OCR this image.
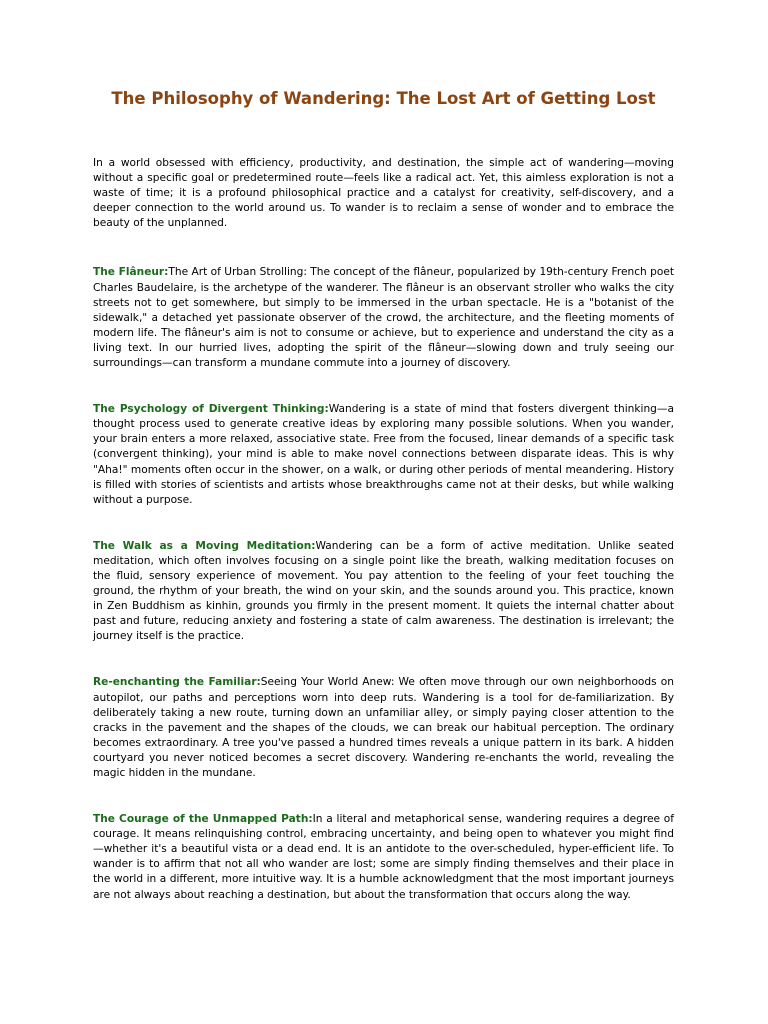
The Philosophy of Wandering: The Lost Art of Getting Lost

In a world obsessed with efficiency, productivity, and destination, the simple act of wandering—moving without a specific goal or predetermined route—feels like a radical act. Yet, this aimless exploration is not a waste of time; it is a profound philosophical practice and a catalyst for creativity, self-discovery, and a deeper connection to the world around us. To wander is to reclaim a sense of wonder and to embrace the beauty of the unplanned.

The Flâneur:The Art of Urban Strolling: The concept of the flâneur, popularized by 19th-century French poet Charles Baudelaire, is the archetype of the wanderer. The flâneur is an observant stroller who walks the city streets not to get somewhere, but simply to be immersed in the urban spectacle. He is a "botanist of the sidewalk," a detached yet passionate observer of the crowd, the architecture, and the fleeting moments of modern life. The flâneur's aim is not to consume or achieve, but to experience and understand the city as a living text. In our hurried lives, adopting the spirit of the flâneur—slowing down and truly seeing our surroundings—can transform a mundane commute into a journey of discovery.

The Psychology of Divergent Thinking:Wandering is a state of mind that fosters divergent thinking—a thought process used to generate creative ideas by exploring many possible solutions. When you wander, your brain enters a more relaxed, associative state. Free from the focused, linear demands of a specific task (convergent thinking), your mind is able to make novel connections between disparate ideas. This is why "Aha!" moments often occur in the shower, on a walk, or during other periods of mental meandering. History is filled with stories of scientists and artists whose breakthroughs came not at their desks, but while walking without a purpose.

The Walk as a Moving Meditation:Wandering can be a form of active meditation. Unlike seated meditation, which often involves focusing on a single point like the breath, walking meditation focuses on the fluid, sensory experience of movement. You pay attention to the feeling of your feet touching the ground, the rhythm of your breath, the wind on your skin, and the sounds around you. This practice, known in Zen Buddhism as kinhin, grounds you firmly in the present moment. It quiets the internal chatter about past and future, reducing anxiety and fostering a state of calm awareness. The destination is irrelevant; the journey itself is the practice.

Re-enchanting the Familiar:Seeing Your World Anew: We often move through our own neighborhoods on autopilot, our paths and perceptions worn into deep ruts. Wandering is a tool for de-familiarization. By deliberately taking a new route, turning down an unfamiliar alley, or simply paying closer attention to the cracks in the pavement and the shapes of the clouds, we can break our habitual perception. The ordinary becomes extraordinary. A tree you've passed a hundred times reveals a unique pattern in its bark. A hidden courtyard you never noticed becomes a secret discovery. Wandering re-enchants the world, revealing the magic hidden in the mundane.

The Courage of the Unmapped Path:In a literal and metaphorical sense, wandering requires a degree of courage. It means relinquishing control, embracing uncertainty, and being open to whatever you might find—whether it's a beautiful vista or a dead end. It is an antidote to the over-scheduled, hyper-efficient life. To wander is to affirm that not all who wander are lost; some are simply finding themselves and their place in the world in a different, more intuitive way. It is a humble acknowledgment that the most important journeys are not always about reaching a destination, but about the transformation that occurs along the way.
